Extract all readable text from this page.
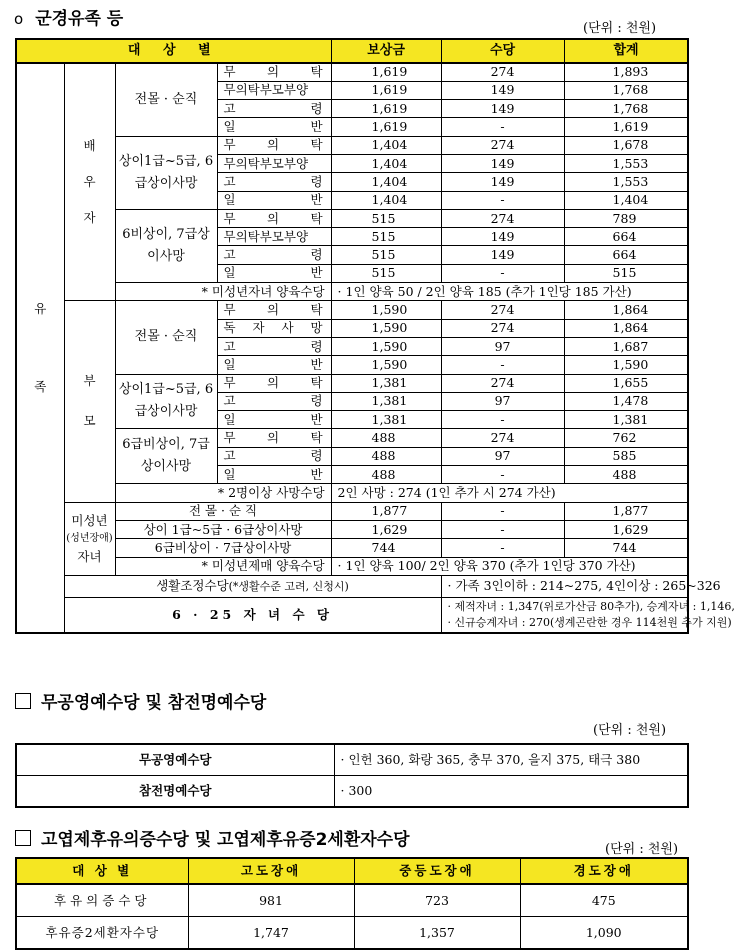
ο 군경유족 등	(단위 : 천원)
대 상 별				보상금	수당	합계
유 족	배 우 자	전몰 · 순직	무 의 탁	1,619	274	1,893
			무의탁부모부양	1,619	149	1,768

			고 령	1,619	149	1,768

			일 반	1,619	-	1,619
		상이1급~5급, 6급상이사망	무 의 탁	1,404	274	1,678
			무의탁부모부양	1,404	149	1,553

			고 령	1,404	149	1,553

			일 반	1,404	-	1,404
		6비상이, 7급상이사망	무 의 탁	515	274	789
			무의탁부모부양	515	149	664

			고 령	515	149	664

			일 반	515	-	515
		* 미성년자녀 양육수당		· 1인 양육 50 / 2인 양육 185 (추가 1인당 185 가산)		
	부 모	전몰 · 순직	무 의 탁	1,590	274	1,864

			독 자 사 망	1,590	274	1,864

			고 령	1,590	97	1,687

			일 반	1,590	-	1,590
		상이1급~5급, 6급상이사망	무 의 탁	1,381	274	1,655

			고 령	1,381	97	1,478

			일 반	1,381	-	1,381
		6급비상이, 7급상이사망	무 의 탁	488	274	762

			고 령	488	97	585

			일 반	488	-	488
		* 2명이상 사망수당		2인 사망 : 274 (1인 추가 시 274 가산)		

	미성년
(성년장애)
자녀	전 몰 · 순 직		1,877	-	1,877
		상이 1급~5급 · 6급상이사망		1,629	-	1,629
		6급비상이 · 7급상이사망		744	-	744
		* 미성년제매 양육수당		· 1인 양육 100/ 2인 양육 370 (추가 1인당 370 가산)		
	생활조정수당(*생활수준 고려, 신청시)				· 가족 3인이하 : 214~275, 4인이상 : 265~326	
	6 · 25 자 녀 수 당				· 제적자녀 : 1,347(위로가산금 80추가), 승계자녀 : 1,146,
· 신규승계자녀 : 270(생계곤란한 경우 114천원 추가 지원)	
무공영예수당 및 참전명예수당
(단위 : 천원)
무공영예수당	· 인헌 360, 화랑 365, 충무 370, 을지 375, 태극 380
참전명예수당	· 300
고엽제후유의증수당 및 고엽제후유증2세환자수당	(단위 : 천원)
대 상 별	고도장애	중등도장애	경도장애
후유의증수당	981	723	475
후유증2세환자수당	1,747	1,357	1,090
